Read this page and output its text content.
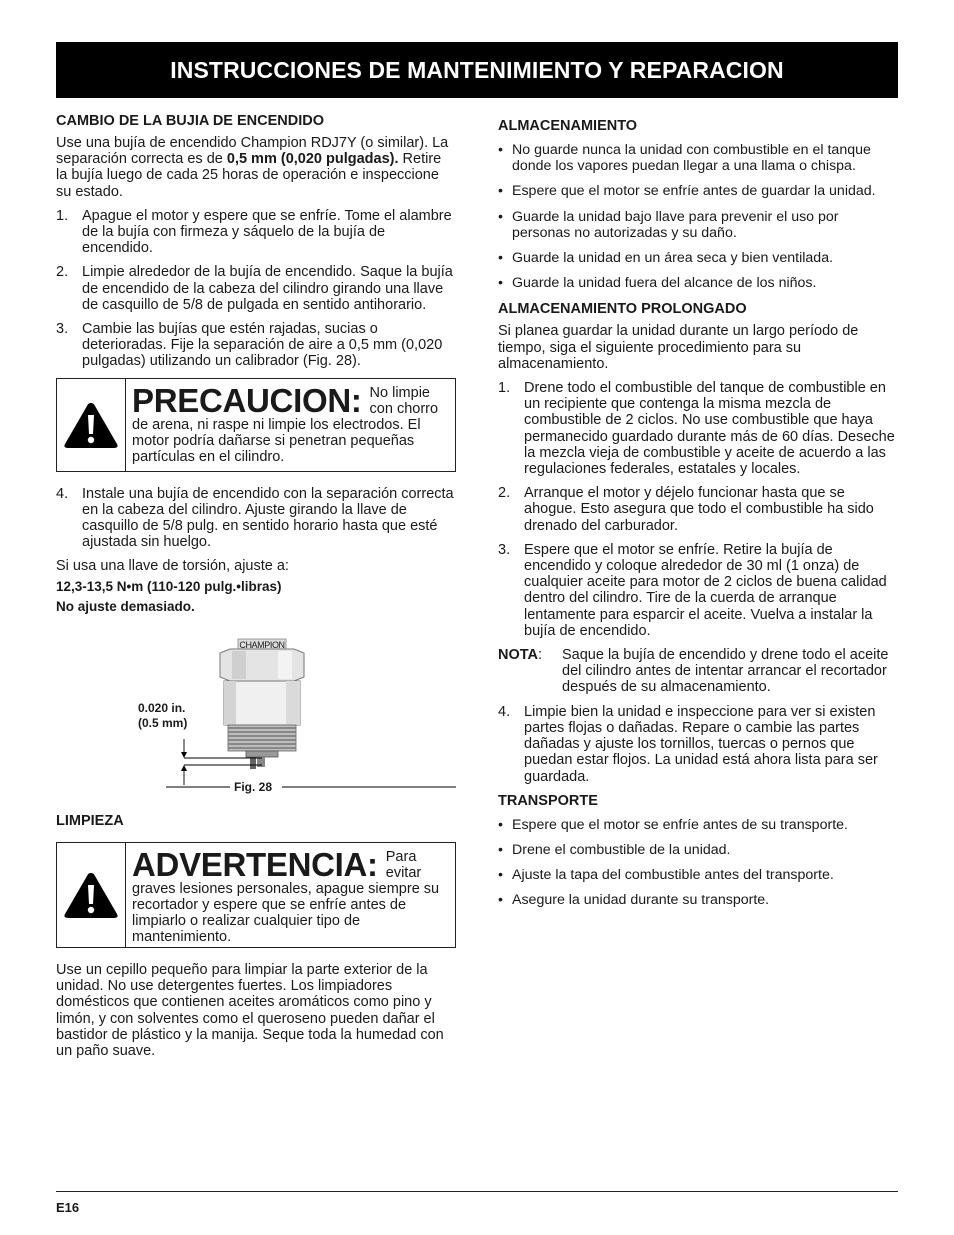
INSTRUCCIONES DE MANTENIMIENTO Y REPARACION
CAMBIO DE LA BUJIA DE ENCENDIDO

Use una bujía de encendido Champion RDJ7Y (o similar). La separación correcta es de 0,5 mm (0,020 pulgadas). Retire la bujía luego de cada 25 horas de operación e inspeccione su estado.

1. Apague el motor y espere que se enfríe. Tome el alambre de la bujía con firmeza y sáquelo de la bujía de encendido.
2. Limpie alrededor de la bujía de encendido. Saque la bujía de encendido de la cabeza del cilindro girando una llave de casquillo de 5/8 de pulgada en sentido antihorario.
3. Cambie las bujías que estén rajadas, sucias o deterioradas. Fije la separación de aire a 0,5 mm (0,020 pulgadas) utilizando un calibrador (Fig. 28).
PRECAUCION: No limpie con chorro de arena, ni raspe ni limpie los electrodos. El motor podría dañarse si penetran pequeñas partículas en el cilindro.
4. Instale una bujía de encendido con la separación correcta en la cabeza del cilindro. Ajuste girando la llave de casquillo de 5/8 pulg. en sentido horario hasta que esté ajustada sin huelgo.

Si usa una llave de torsión, ajuste a:

12,3-13,5 N•m (110-120 pulg.•libras)

No ajuste demasiado.

CHAMPION
0.020 in.
(0.5 mm)
Fig. 28
LIMPIEZA
ADVERTENCIA: Para evitar graves lesiones personales, apague siempre su recortador y espere que se enfríe antes de limpiarlo o realizar cualquier tipo de mantenimiento.

Use un cepillo pequeño para limpiar la parte exterior de la unidad. No use detergentes fuertes. Los limpiadores domésticos que contienen aceites aromáticos como pino y limón, y con solventes como el queroseno pueden dañar el bastidor de plástico y la manija. Seque toda la humedad con un paño suave.

ALMACENAMIENTO
• No guarde nunca la unidad con combustible en el tanque donde los vapores puedan llegar a una llama o chispa.
• Espere que el motor se enfríe antes de guardar la unidad.
• Guarde la unidad bajo llave para prevenir el uso por personas no autorizadas y su daño.
• Guarde la unidad en un área seca y bien ventilada.
• Guarde la unidad fuera del alcance de los niños.
ALMACENAMIENTO PROLONGADO

Si planea guardar la unidad durante un largo período de tiempo, siga el siguiente procedimiento para su almacenamiento.

1. Drene todo el combustible del tanque de combustible en un recipiente que contenga la misma mezcla de combustible de 2 ciclos. No use combustible que haya permanecido guardado durante más de 60 días. Deseche la mezcla vieja de combustible y aceite de acuerdo a las regulaciones federales, estatales y locales.
2. Arranque el motor y déjelo funcionar hasta que se ahogue. Esto asegura que todo el combustible ha sido drenado del carburador.
3. Espere que el motor se enfríe. Retire la bujía de encendido y coloque alrededor de 30 ml (1 onza) de cualquier aceite para motor de 2 ciclos de buena calidad dentro del cilindro. Tire de la cuerda de arranque lentamente para esparcir el aceite. Vuelva a instalar la bujía de encendido.
NOTA:	Saque la bujía de encendido y drene todo el aceite del cilindro antes de intentar arrancar el recortador después de su almacenamiento.
4. Limpie bien la unidad e inspeccione para ver si existen partes flojas o dañadas. Repare o cambie las partes dañadas y ajuste los tornillos, tuercas o pernos que puedan estar flojos. La unidad está ahora lista para ser guardada.
TRANSPORTE
• Espere que el motor se enfríe antes de su transporte.
• Drene el combustible de la unidad.
• Ajuste la tapa del combustible antes del transporte.
• Asegure la unidad durante su transporte.
E16
